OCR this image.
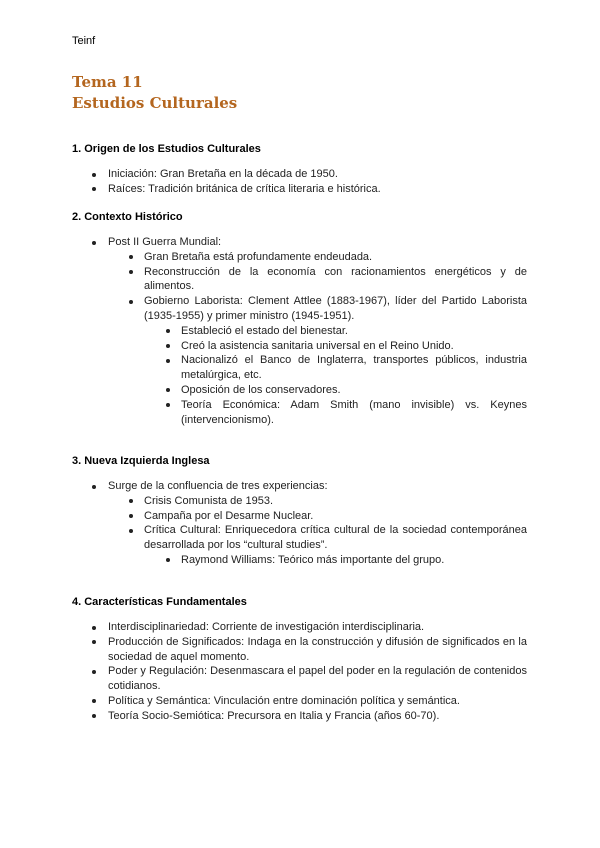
Teinf
Tema 11
Estudios Culturales
1. Origen de los Estudios Culturales
Iniciación: Gran Bretaña en la década de 1950.
Raíces: Tradición británica de crítica literaria e histórica.
2. Contexto Histórico
Post II Guerra Mundial:
Gran Bretaña está profundamente endeudada.
Reconstrucción de la economía con racionamientos energéticos y de alimentos.
Gobierno Laborista: Clement Attlee (1883-1967), líder del Partido Laborista (1935-1955) y primer ministro (1945-1951).
Estableció el estado del bienestar.
Creó la asistencia sanitaria universal en el Reino Unido.
Nacionalizó el Banco de Inglaterra, transportes públicos, industria metalúrgica, etc.
Oposición de los conservadores.
Teoría Económica: Adam Smith (mano invisible) vs. Keynes (intervencionismo).
3. Nueva Izquierda Inglesa
Surge de la confluencia de tres experiencias:
Crisis Comunista de 1953.
Campaña por el Desarme Nuclear.
Crítica Cultural: Enriquecedora crítica cultural de la sociedad contemporánea desarrollada por los “cultural studies”.
Raymond Williams: Teórico más importante del grupo.
4. Características Fundamentales
Interdisciplinariedad: Corriente de investigación interdisciplinaria.
Producción de Significados: Indaga en la construcción y difusión de significados en la sociedad de aquel momento.
Poder y Regulación: Desenmascara el papel del poder en la regulación de contenidos cotidianos.
Política y Semántica: Vinculación entre dominación política y semántica.
Teoría Socio-Semiótica: Precursora en Italia y Francia (años 60-70).
